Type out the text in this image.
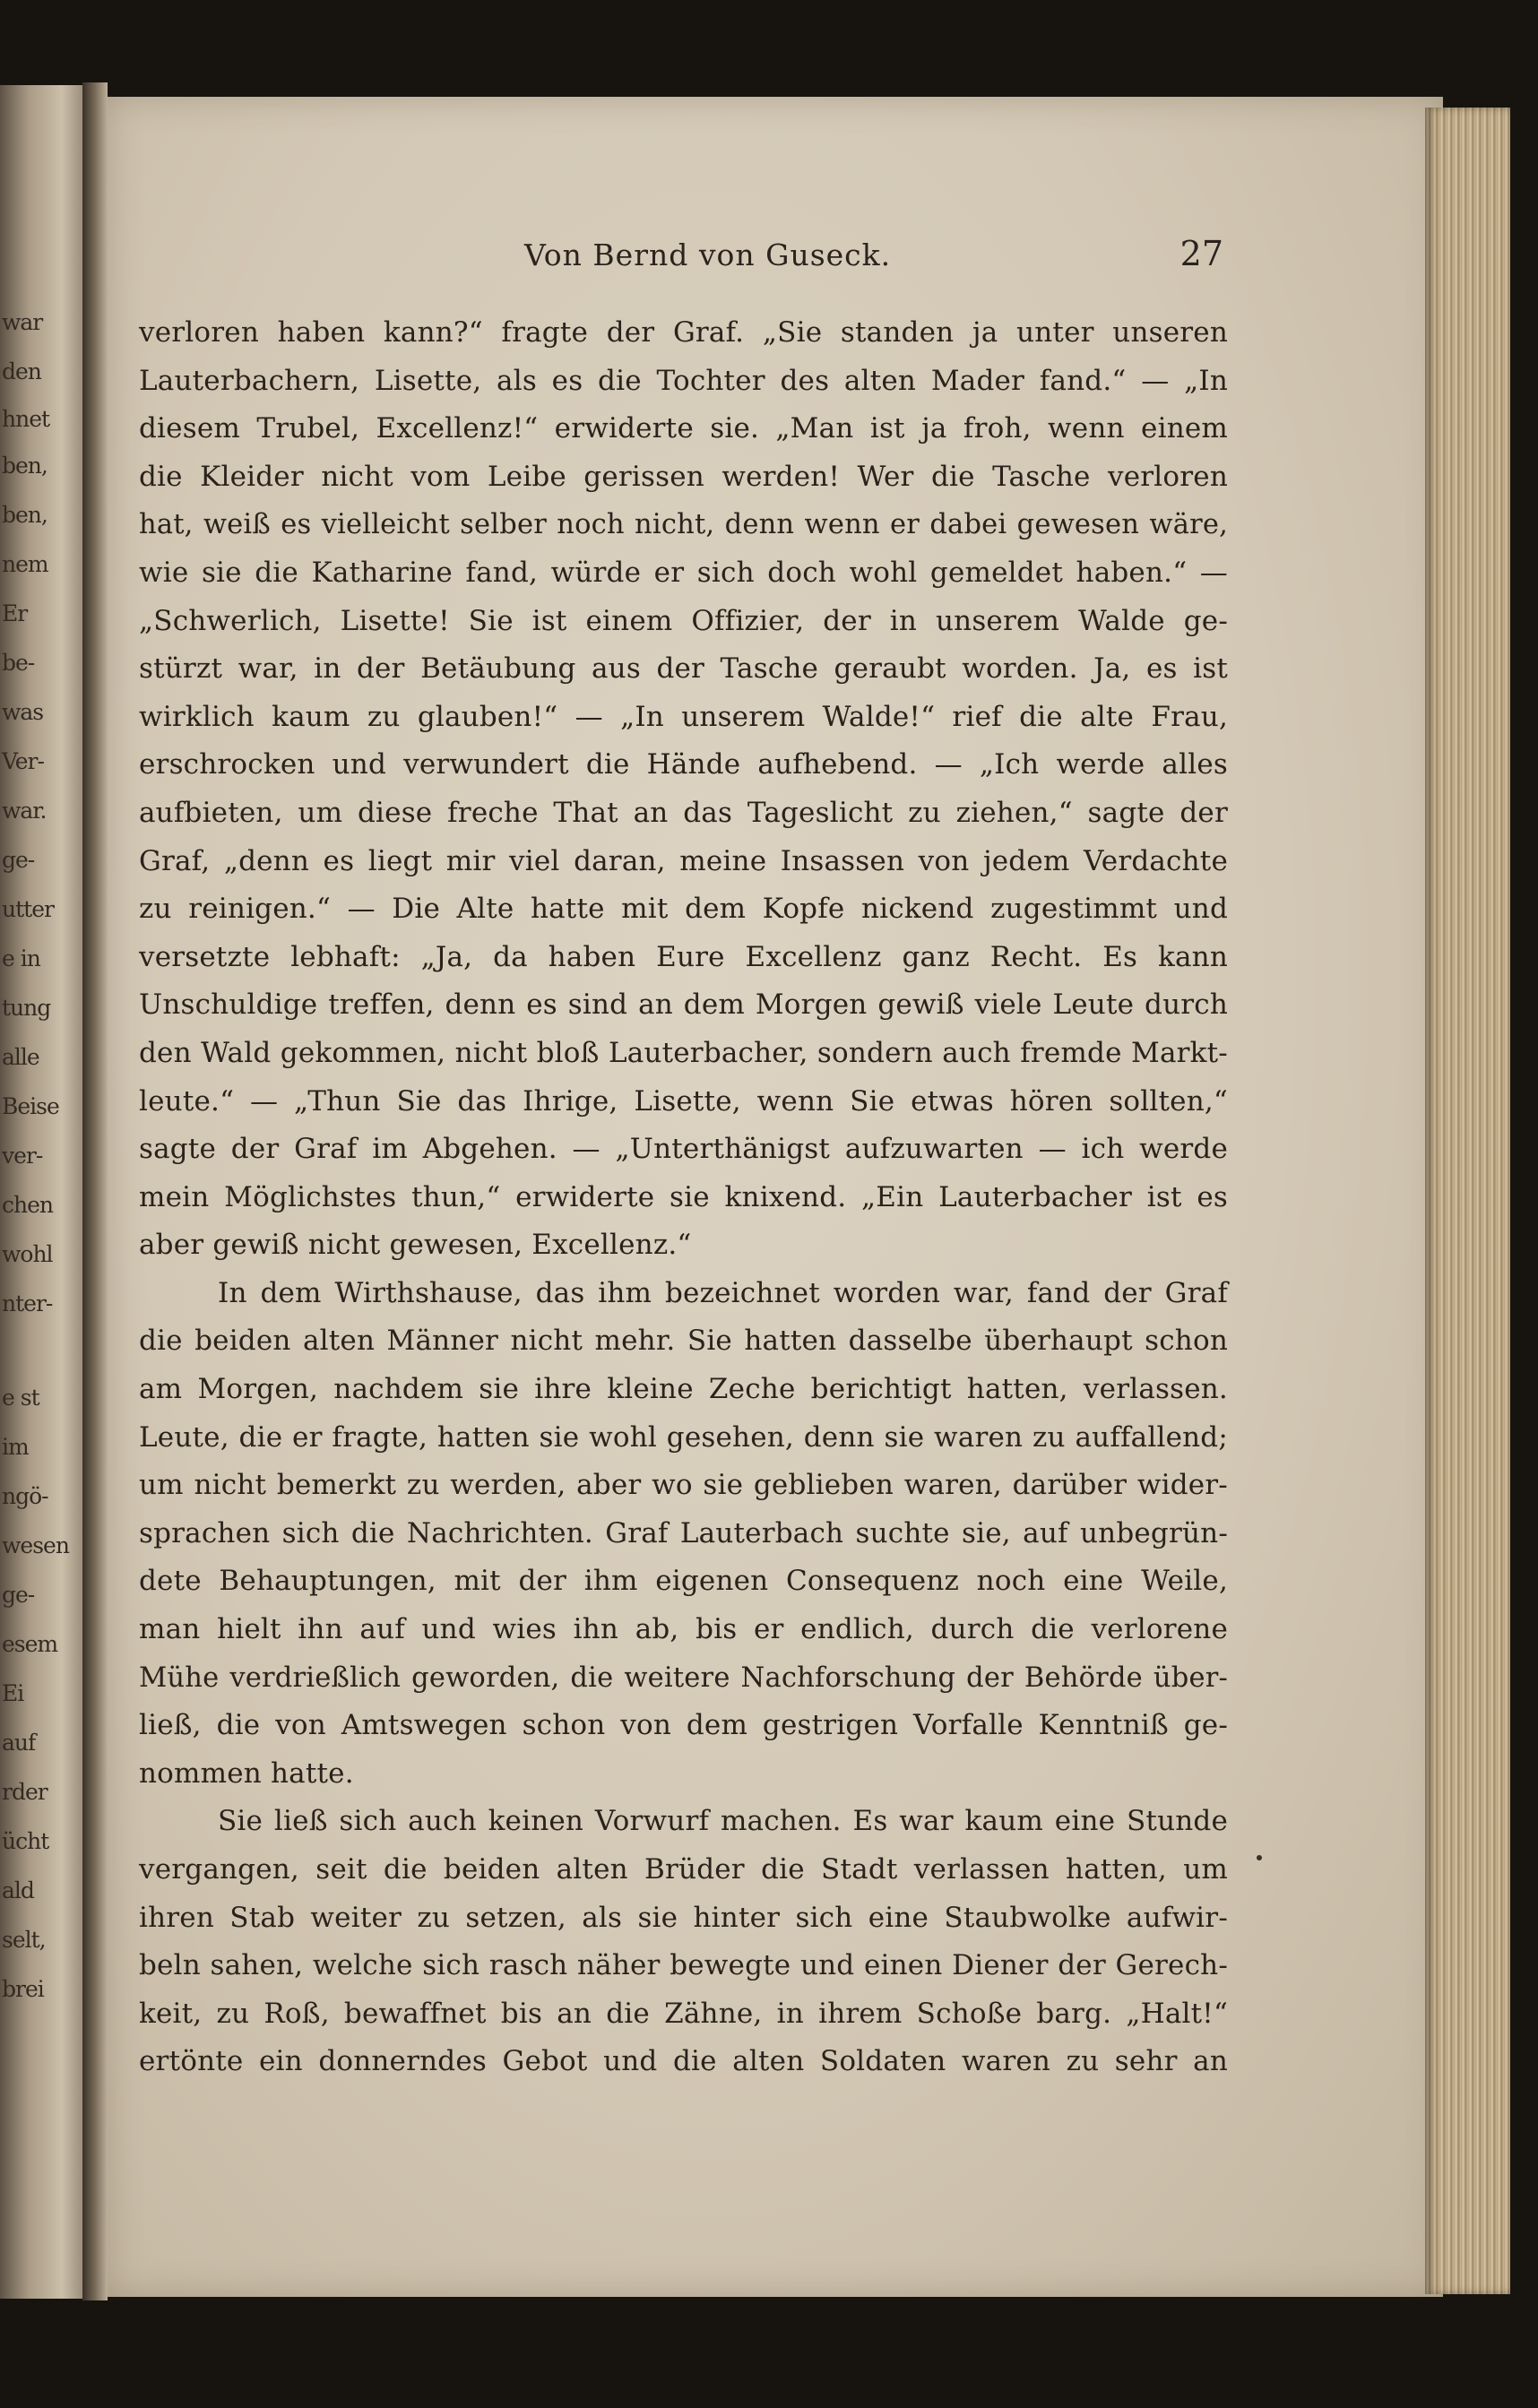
war
den
hnet
ben,
ben,
nem
Er
be-
was
Ver-
war.
ge-
utter
e in
tung
alle
Beise
ver-
chen
wohl
nter-
e st
im
ngö-
wesen
ge-
esem
Ei
auf
rder
ücht
ald
selt,
brei
Von Bernd von Guseck.	27
verloren haben kann?“ fragte der Graf. „Sie standen ja unter unseren
Lauterbachern, Lisette, als es die Tochter des alten Mader fand.“ — „In
diesem Trubel, Excellenz!“ erwiderte sie. „Man ist ja froh, wenn einem
die Kleider nicht vom Leibe gerissen werden! Wer die Tasche verloren
hat, weiß es vielleicht selber noch nicht, denn wenn er dabei gewesen wäre,
wie sie die Katharine fand, würde er sich doch wohl gemeldet haben.“ —
„Schwerlich, Lisette! Sie ist einem Offizier, der in unserem Walde ge-
stürzt war, in der Betäubung aus der Tasche geraubt worden. Ja, es ist
wirklich kaum zu glauben!“ — „In unserem Walde!“ rief die alte Frau,
erschrocken und verwundert die Hände aufhebend. — „Ich werde alles
aufbieten, um diese freche That an das Tageslicht zu ziehen,“ sagte der
Graf, „denn es liegt mir viel daran, meine Insassen von jedem Verdachte
zu reinigen.“ — Die Alte hatte mit dem Kopfe nickend zugestimmt und
versetzte lebhaft: „Ja, da haben Eure Excellenz ganz Recht. Es kann
Unschuldige treffen, denn es sind an dem Morgen gewiß viele Leute durch
den Wald gekommen, nicht bloß Lauterbacher, sondern auch fremde Markt-
leute.“ — „Thun Sie das Ihrige, Lisette, wenn Sie etwas hören sollten,“
sagte der Graf im Abgehen. — „Unterthänigst aufzuwarten — ich werde
mein Möglichstes thun,“ erwiderte sie knixend. „Ein Lauterbacher ist es
aber gewiß nicht gewesen, Excellenz.“
In dem Wirthshause, das ihm bezeichnet worden war, fand der Graf
die beiden alten Männer nicht mehr. Sie hatten dasselbe überhaupt schon
am Morgen, nachdem sie ihre kleine Zeche berichtigt hatten, verlassen.
Leute, die er fragte, hatten sie wohl gesehen, denn sie waren zu auffallend;
um nicht bemerkt zu werden, aber wo sie geblieben waren, darüber wider-
sprachen sich die Nachrichten. Graf Lauterbach suchte sie, auf unbegrün-
dete Behauptungen, mit der ihm eigenen Consequenz noch eine Weile,
man hielt ihn auf und wies ihn ab, bis er endlich, durch die verlorene
Mühe verdrießlich geworden, die weitere Nachforschung der Behörde über-
ließ, die von Amtswegen schon von dem gestrigen Vorfalle Kenntniß ge-
nommen hatte.
Sie ließ sich auch keinen Vorwurf machen. Es war kaum eine Stunde
vergangen, seit die beiden alten Brüder die Stadt verlassen hatten, um
ihren Stab weiter zu setzen, als sie hinter sich eine Staubwolke aufwir-
beln sahen, welche sich rasch näher bewegte und einen Diener der Gerech-
keit, zu Roß, bewaffnet bis an die Zähne, in ihrem Schoße barg. „Halt!“
ertönte ein donnerndes Gebot und die alten Soldaten waren zu sehr an
